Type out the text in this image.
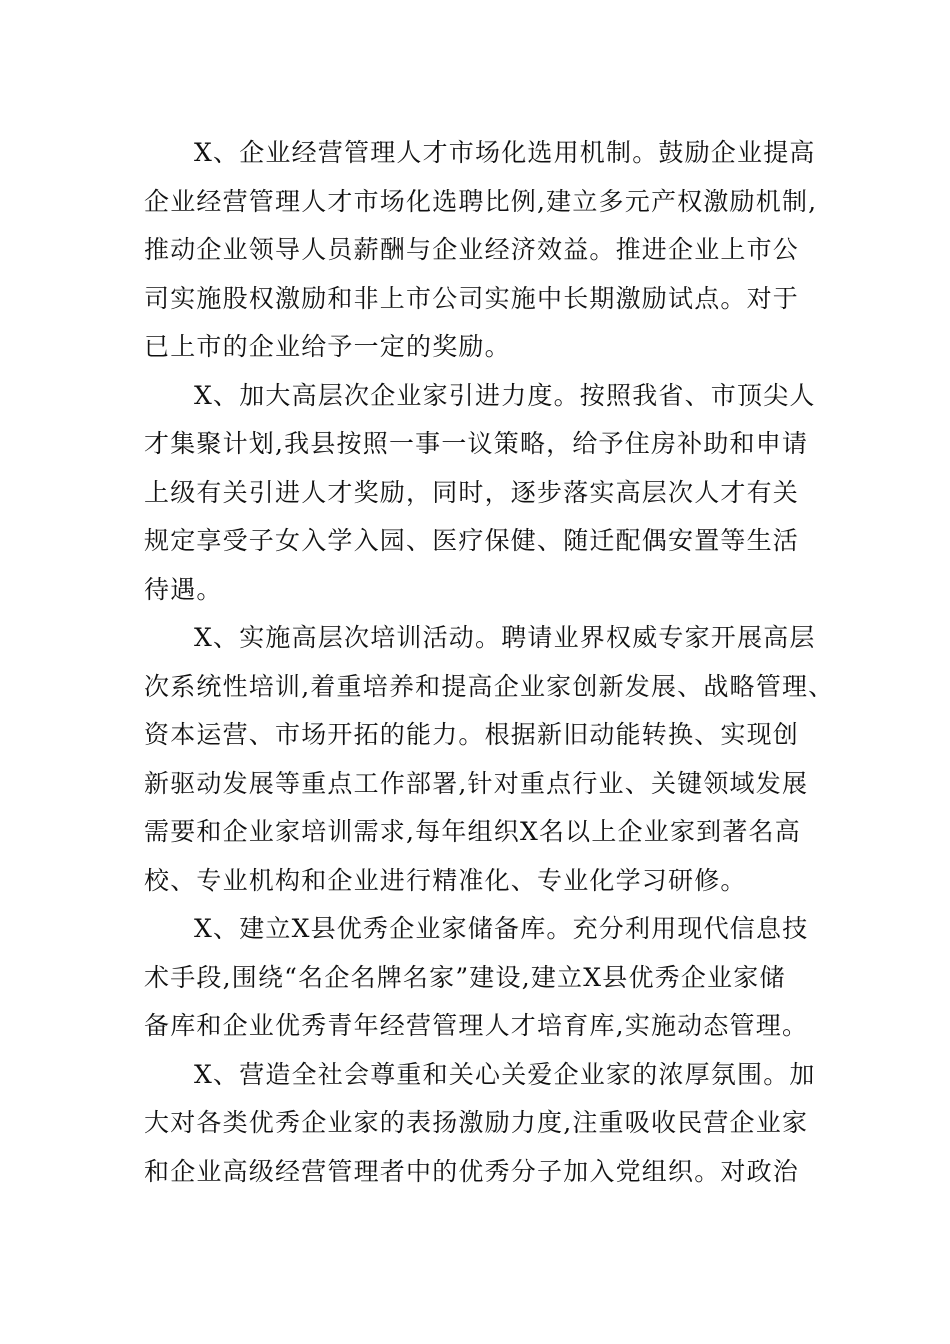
X、企业经营管理人才市场化选用机制。鼓励企业提高
企业经营管理人才市场化选聘比例,建立多元产权激励机制,
推动企业领导人员薪酬与企业经济效益。推进企业上市公
司实施股权激励和非上市公司实施中长期激励试点。对于
已上市的企业给予一定的奖励。
X、加大高层次企业家引进力度。按照我省、市顶尖人
才集聚计划,我县按照一事一议策略，给予住房补助和申请
上级有关引进人才奖励，同时，逐步落实高层次人才有关
规定享受子女入学入园、医疗保健、随迁配偶安置等生活
待遇。
X、实施高层次培训活动。聘请业界权威专家开展高层
次系统性培训,着重培养和提高企业家创新发展、战略管理、
资本运营、市场开拓的能力。根据新旧动能转换、实现创
新驱动发展等重点工作部署,针对重点行业、关键领域发展
需要和企业家培训需求,每年组织X名以上企业家到著名高
校、专业机构和企业进行精准化、专业化学习研修。
X、建立X县优秀企业家储备库。充分利用现代信息技
术手段,围绕“名企名牌名家”建设,建立X县优秀企业家储
备库和企业优秀青年经营管理人才培育库,实施动态管理。
X、营造全社会尊重和关心关爱企业家的浓厚氛围。加
大对各类优秀企业家的表扬激励力度,注重吸收民营企业家
和企业高级经营管理者中的优秀分子加入党组织。对政治
